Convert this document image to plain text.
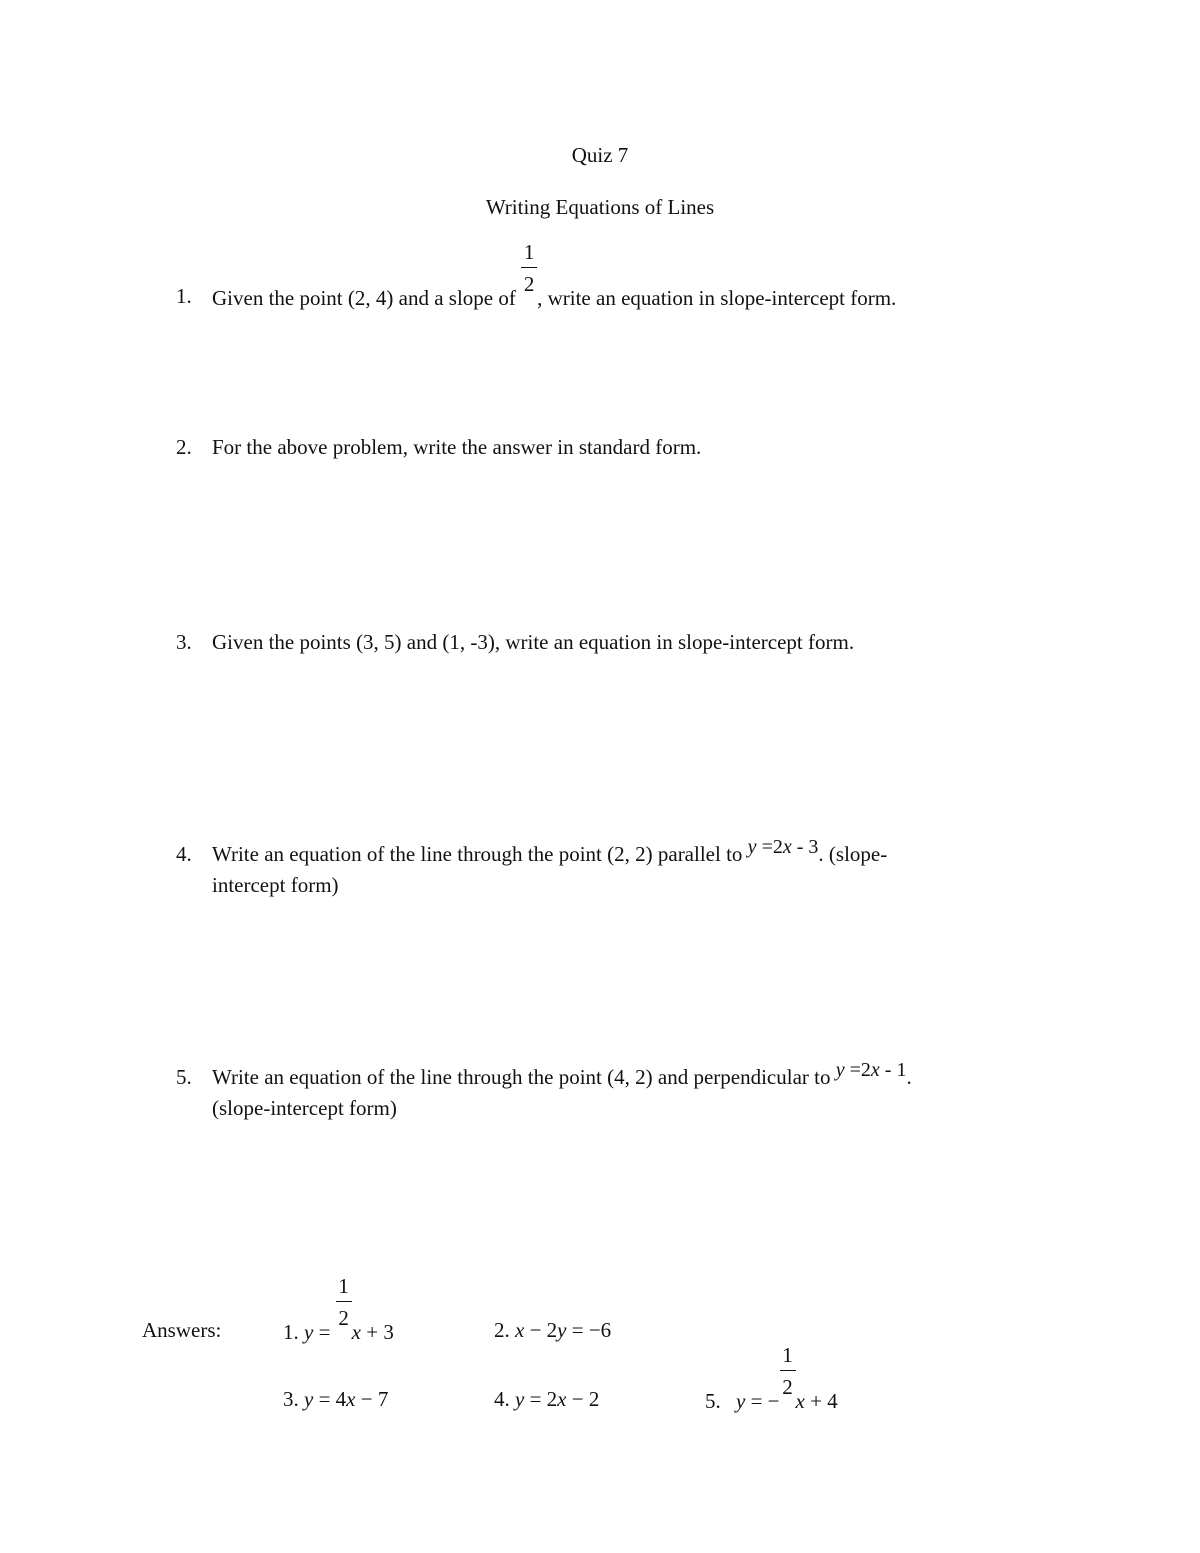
Quiz 7
Writing Equations of Lines
1. Given the point (2, 4) and a slope of $\frac{1}{2}$ , write an equation in slope-intercept form.
2. For the above problem, write the answer in standard form.
3. Given the points (3, 5) and (1, -3), write an equation in slope-intercept form.
4. Write an equation of the line through the point (2, 2) parallel to y =2x - 3. (slope-
intercept form)
5. Write an equation of the line through the point (4, 2) and perpendicular to y =2x - 1.
(slope-intercept form)
Answers:	1. $y = \frac{1}{2}$ x + 3	2. x − 2y = −6
3. y = 4x − 7	4. y = 2x − 2	5. y = − $\frac{1}{2}$ x + 4
